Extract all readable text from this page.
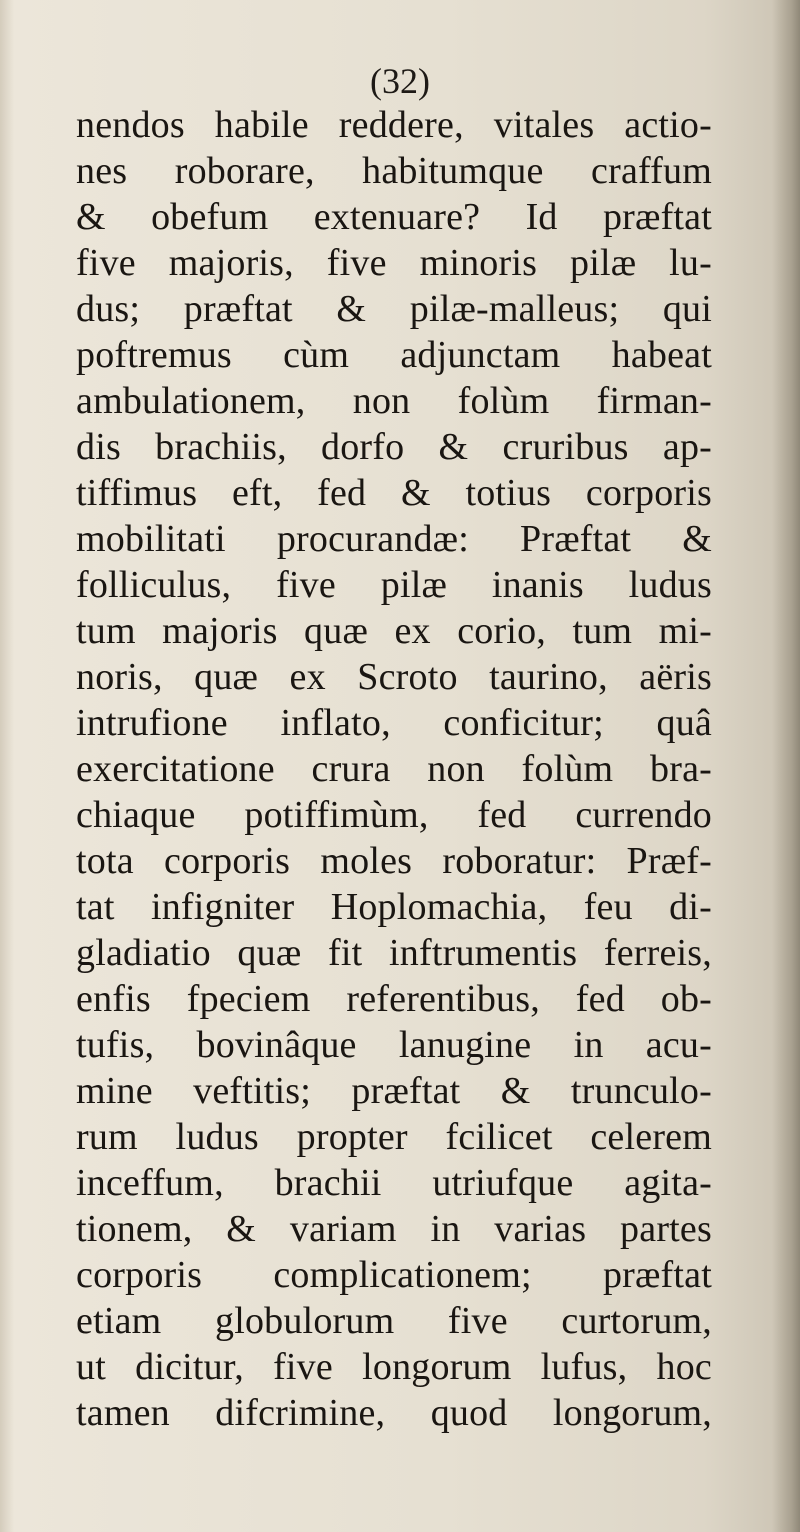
(32)
nendos habile reddere, vitales actio-
nes roborare, habitumque craffum
& obefum extenuare? Id præftat
five majoris, five minoris pilæ lu-
dus; præftat & pilæ-malleus; qui
poftremus cùm adjunctam habeat
ambulationem, non folùm firman-
dis brachiis, dorfo & cruribus ap-
tiffimus eft, fed & totius corporis
mobilitati procurandæ: Præftat &
folliculus, five pilæ inanis ludus
tum majoris quæ ex corio, tum mi-
noris, quæ ex Scroto taurino, aëris
intrufione inflato, conficitur; quâ
exercitatione crura non folùm bra-
chiaque potiffimùm, fed currendo
tota corporis moles roboratur: Præf-
tat infigniter Hoplomachia, feu di-
gladiatio quæ fit inftrumentis ferreis,
enfis fpeciem referentibus, fed ob-
tufis, bovinâque lanugine in acu-
mine veftitis; præftat & trunculo-
rum ludus propter fcilicet celerem
inceffum, brachii utriufque agita-
tionem, & variam in varias partes
corporis complicationem; præftat
etiam globulorum five curtorum,
ut dicitur, five longorum lufus, hoc
tamen difcrimine, quod longorum,
